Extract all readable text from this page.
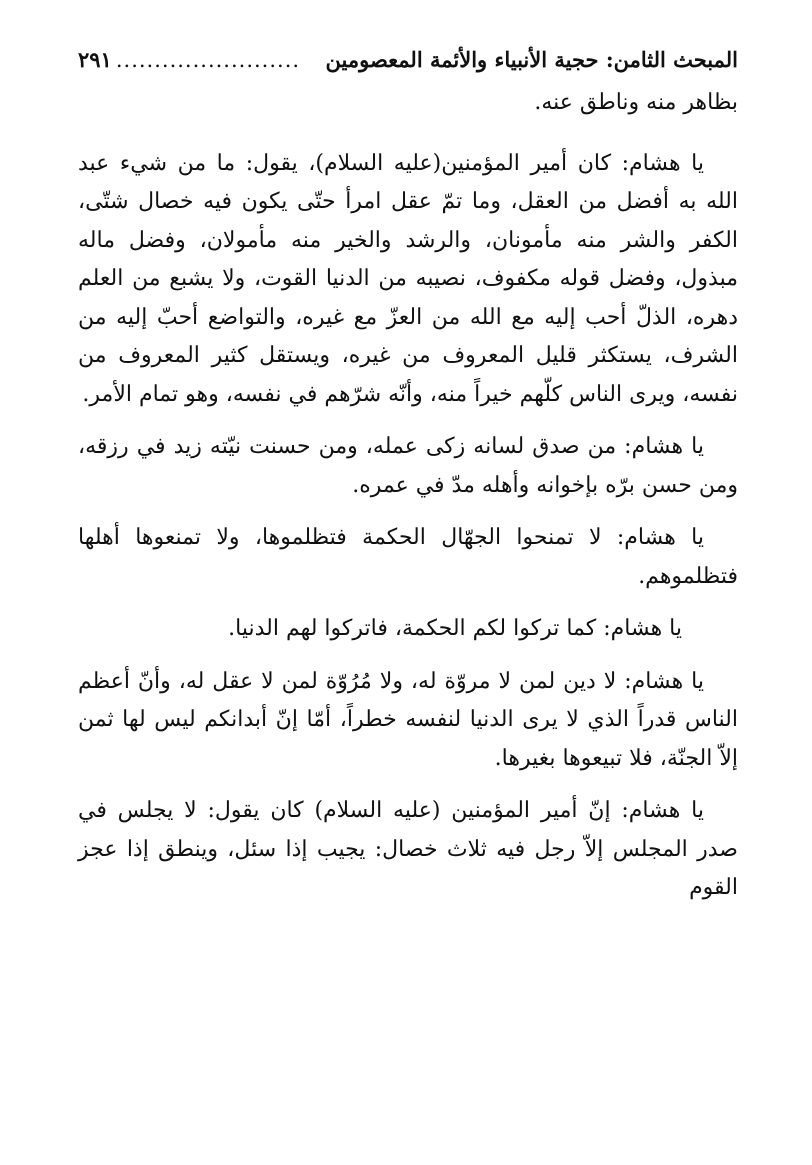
المبحث الثامن: حجية الأنبياء والأئمة المعصومين
........................
٢٩١

بظاهر منه وناطق عنه.

يا هشام: كان أمير المؤمنين(عليه السلام)، يقول: ما من شيء عبد الله به أفضل من العقل، وما تمّ عقل امرأ حتّى يكون فيه خصال شتّى، الكفر والشر منه مأمونان، والرشد والخير منه مأمولان، وفضل ماله مبذول، وفضل قوله مكفوف، نصيبه من الدنيا القوت، ولا يشبع من العلم دهره، الذلّ أحب إليه مع الله من العزّ مع غيره، والتواضع أحبّ إليه من الشرف، يستكثر قليل المعروف من غيره، ويستقل كثير المعروف من نفسه، ويرى الناس كلّهم خيراً منه، وأنّه شرّهم في نفسه، وهو تمام الأمر.

يا هشام: من صدق لسانه زكى عمله، ومن حسنت نيّته زيد في رزقه، ومن حسن برّه بإخوانه وأهله مدّ في عمره.

يا هشام: لا تمنحوا الجهّال الحكمة فتظلموها، ولا تمنعوها أهلها فتظلموهم.

يا هشام: كما تركوا لكم الحكمة، فاتركوا لهم الدنيا.

يا هشام: لا دين لمن لا مروّة له، ولا مُرُوّة لمن لا عقل له، وأنّ أعظم الناس قدراً الذي لا يرى الدنيا لنفسه خطراً، أمّا إنّ أبدانكم ليس لها ثمن إلاّ الجنّة، فلا تبيعوها بغيرها.

يا هشام: إنّ أمير المؤمنين (عليه السلام) كان يقول: لا يجلس في صدر المجلس إلاّ رجل فيه ثلاث خصال: يجيب إذا سئل، وينطق إذا عجز القوم
